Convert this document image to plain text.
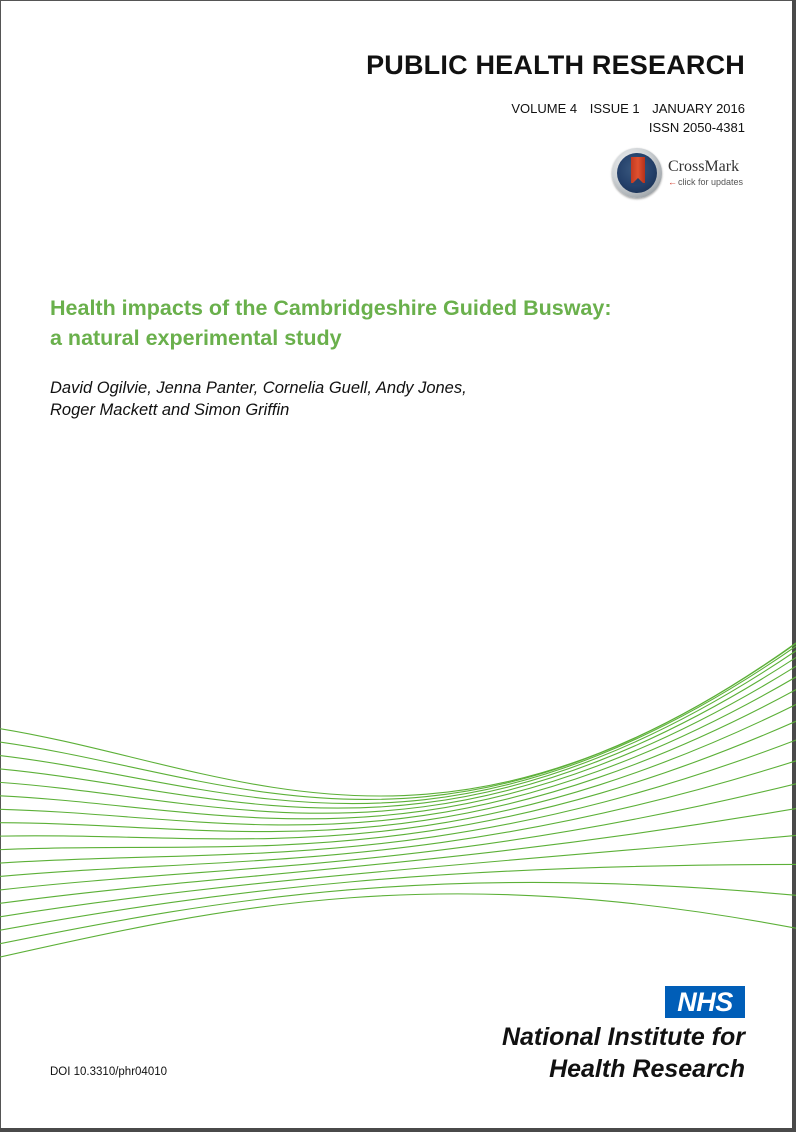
PUBLIC HEALTH RESEARCH
VOLUME 4 ISSUE 1 JANUARY 2016
ISSN 2050-4381
CrossMark
←click for updates
Health impacts of the Cambridgeshire Guided Busway:
a natural experimental study
David Ogilvie, Jenna Panter, Cornelia Guell, Andy Jones,
Roger Mackett and Simon Griffin
NHS
National Institute for
Health Research
DOI 10.3310/phr04010
